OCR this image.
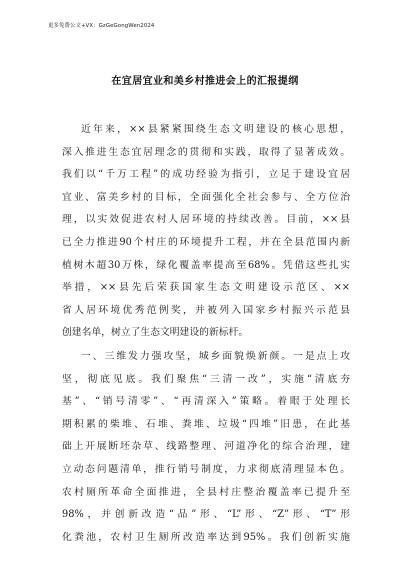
更多免费公文+VX：GzGeGongWen2024
在宜居宜业和美乡村推进会上的汇报提纲
近年来，××县紧紧围绕生态文明建设的核心思想，
深入推进生态宜居理念的贯彻和实践，取得了显著成效。
我们以“千万工程”的成功经验为指引，立足于建设宜居
宜业、富美乡村的目标，全面强化全社会参与、全方位治
理，以实效促进农村人居环境的持续改善。目前，××县
已全力推进90个村庄的环境提升工程，并在全县范围内新
植树木超30万株，绿化覆盖率提高至68%。凭借这些扎实
举措，××县先后荣获国家生态文明建设示范区、××
省人居环境优秀范例奖，并被列入国家乡村振兴示范县
创建名单，树立了生态文明建设的新标杆。
一、三维发力强攻坚，城乡面貌焕新颜。一是点上攻
坚，彻底见底。我们聚焦“三清一改”，实施“清底夯
基”、“销号清零”、“再清深入”策略。着眼于处理长
期积累的柴堆、石堆、粪堆、垃圾“四堆”旧患，在此基
础上开展断坯杂草、线路整理、河道净化的综合治理，建
立动态问题清单，推行销号制度，力求彻底清理显本色。
农村厕所革命全面推进，全县村庄整治覆盖率已提升至
98%，并创新改造“品”形、“L”形、“Z”形、“T”形
化粪池，农村卫生厕所改造率达到95%。我们创新实施
